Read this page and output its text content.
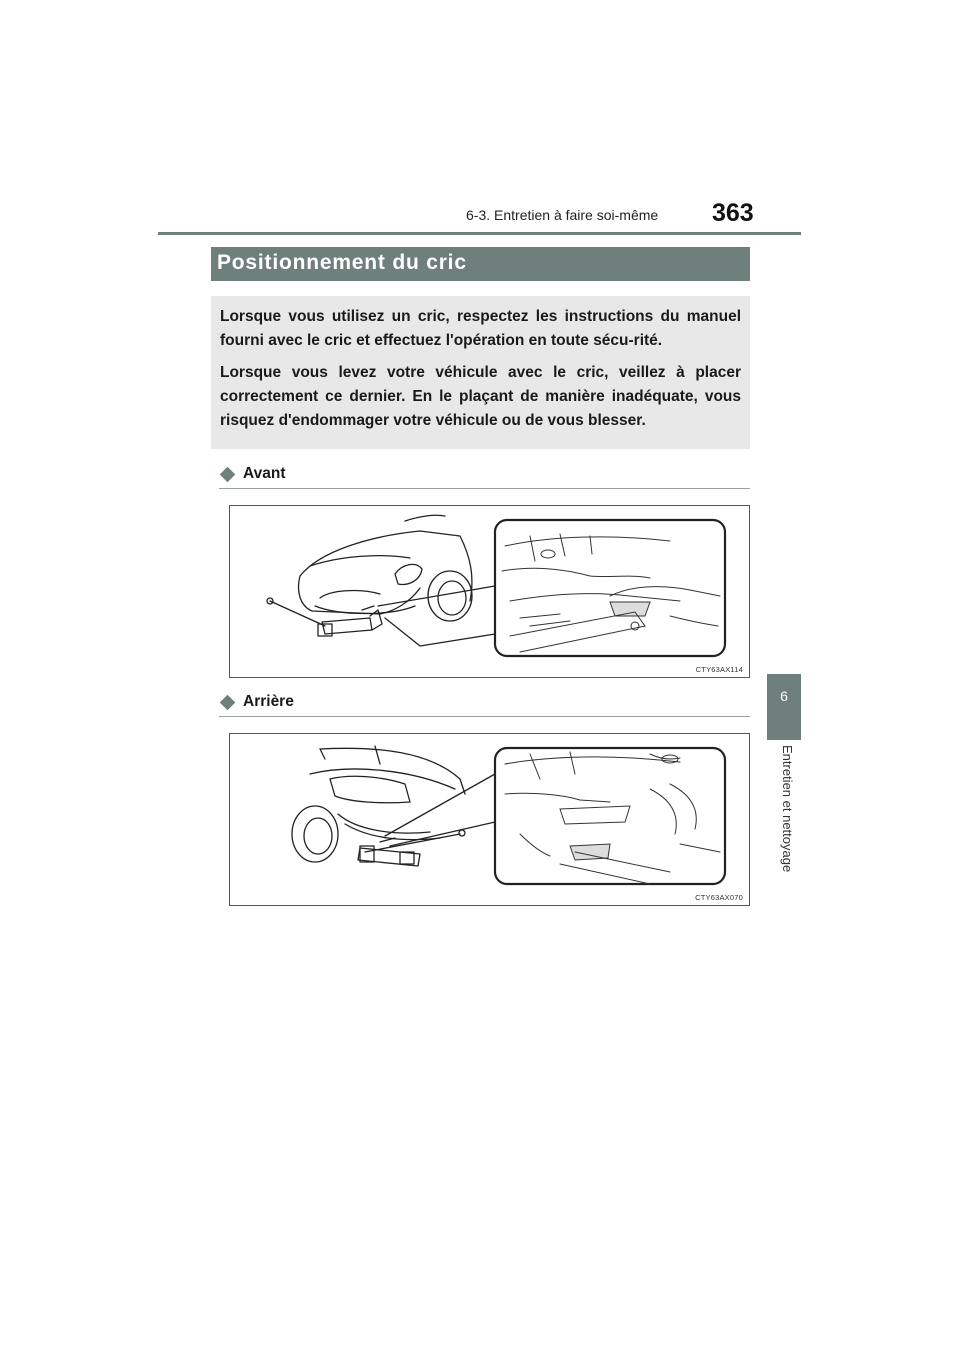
6-3. Entretien à faire soi-même 363
6
Entretien et nettoyage
Positionnement du cric

Lorsque vous utilisez un cric, respectez les instructions du manuel fourni avec le cric et effectuez l'opération en toute sécu-rité.

Lorsque vous levez votre véhicule avec le cric, veillez à placer correctement ce dernier. En le plaçant de manière inadéquate, vous risquez d'endommager votre véhicule ou de vous blesser.

Avant
CTY63AX114
Arrière
CTY63AX070
